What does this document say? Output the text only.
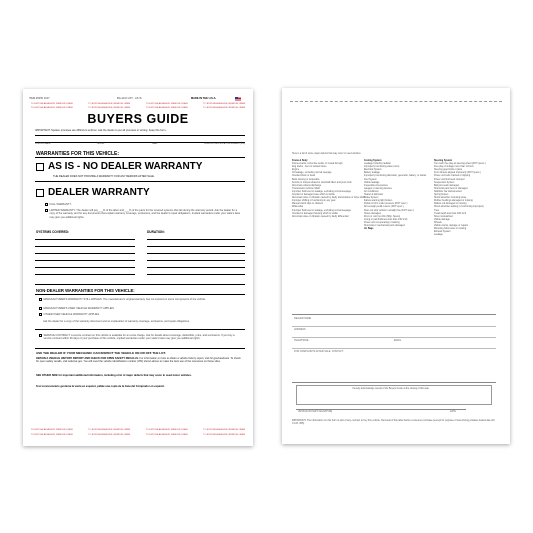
ITEM #6250 2017	BG-2017-2FT - AS IS	MADE IN THE U.S.A.
TO EXPOSE ADHESIVE, REMOVE LINER	TO EXPOSE ADHESIVE, REMOVE LINER	TO EXPOSE ADHESIVE, REMOVE LINER	TO EXPOSE ADHESIVE, REMOVE LINER
TO EXPOSE ADHESIVE, REMOVE LINER	TO EXPOSE ADHESIVE, REMOVE LINER	TO EXPOSE ADHESIVE, REMOVE LINER	TO EXPOSE ADHESIVE, REMOVE LINER
BUYERS GUIDE
IMPORTANT: Spoken promises are difficult to enforce. Ask the dealer to put all promises in writing. Keep this form.
VEHICLE MAKE	MODEL	YEAR	VEHICLE IDENTIFICATION NUMBER (VIN)
WARRANTIES FOR THIS VEHICLE:
AS IS - NO DEALER WARRANTY
THE DEALER DOES NOT PROVIDE A WARRANTY FOR ANY REPAIRS AFTER SALE.
DEALER WARRANTY
FULL WARRANTY.
LIMITED WARRANTY. The dealer will pay ___% of the labor and ___% of the parts for the covered systems that fail during the warranty period. Ask the dealer for a copy of the warranty, and for any documents that explain warranty coverage, exclusions, and the dealer's repair obligations. Implied warranties under your state's laws may give you additional rights.
SYSTEMS COVERED:	DURATION:
NON-DEALER WARRANTIES FOR THIS VEHICLE:
MANUFACTURER'S WARRANTY STILL APPLIES. The manufacturer's original warranty has not expired on some components of the vehicle.
MANUFACTURER'S USED VEHICLE WARRANTY APPLIES.
OTHER USED VEHICLE WARRANTY APPLIES.
Ask the dealer for a copy of the warranty document and an explanation of warranty coverage, exclusions, and repair obligations.
SERVICE CONTRACT. A service contract on this vehicle is available for an extra charge. Ask for details about coverage, deductible, price, and exclusions. If you buy a service contract within 90 days of your purchase of this vehicle, implied warranties under your state's laws may give you additional rights.
ASK THE DEALER IF YOUR MECHANIC CAN INSPECT THE VEHICLE ON OR OFF THE LOT.
OBTAIN A VEHICLE HISTORY REPORT AND CHECK FOR OPEN SAFETY RECALLS. For information on how to obtain a vehicle history report, visit ftc.gov/usedcars. To check for open safety recalls, visit safercar.gov. You will need the vehicle identification number (VIN) shown above to make the best use of the resources on those sites.
SEE OTHER SIDE for important additional information, including a list of major defects that may occur in used motor vehicles.
Si el concesionario gestiona la venta en espanol, pidale una copia de la Guia del Comprador en espanol.
TO EXPOSE ADHESIVE, REMOVE LINER	TO EXPOSE ADHESIVE, REMOVE LINER	TO EXPOSE ADHESIVE, REMOVE LINER	TO EXPOSE ADHESIVE, REMOVE LINER
TO EXPOSE ADHESIVE, REMOVE LINER	TO EXPOSE ADHESIVE, REMOVE LINER	TO EXPOSE ADHESIVE, REMOVE LINER	TO EXPOSE ADHESIVE, REMOVE LINER
Here is a list of some major defects that may occur in used vehicles.
Frame & Body
Frame-cracks, corrective welds, or rusted through
Dog tracks - bent or twisted frame
Engine
Oil leakage, excluding normal seepage
Cracked block or head
Belts missing or inoperable
Knocks or misses related to camshaft lifters and push rods
Abnormal exhaust discharge
Transmission & Drive Shaft
Improper fluid level or leakage, excluding normal seepage
Cracked or damaged case which is visible
Abnormal noise or vibration caused by faulty transmission or drive shaft
Improper shifting or functioning in any gear
Manual clutch slips or chatters
Differential
Improper fluid level or leakage, excluding normal seepage
Cracked or damaged housing which is visible
Abnormal noise or vibration caused by faulty differential
Cooling System
Leakage including radiator
Improperly functioning water pump
Electrical System
Battery leakage
Improperly functioning alternator, generator, battery, or starter
Fuel System
Visible leakage
Inoperable Accessories
Gauges or warning devices
Air conditioner
Heater & Defroster
Brake System
Failure warning light broken
Pedal not firm under pressure (DOT spec.)
Not enough pedal reserve (DOT spec.)
Does not stop vehicle in straight line (DOT spec.)
Hoses damaged
Drum or rotor too thin (Mfgr. Specs)
Lining or pad thickness less than 1/32 inch
Power unit not operating or leaking
Structural or mechanical parts damaged
Air Bags
Steering System
Too much free play at steering wheel (DOT specs.)
Free play in linkage more than 1/4 inch
Steering gear binds or jams
Front wheels aligned improperly (DOT specs.)
Power unit belts cracked or slipping
Power unit fluid level improper
Suspension System
Ball joint seals damaged
Structural parts bent or damaged
Stabilizer bar disconnected
Spring broken
Shock absorber mounting loose
Rubber bushings damaged or missing
Radius rod damaged or missing
Shock absorber leaking or functioning improperly
Tires
Tread depth less than 2/32 inch
Sizes mismatched
Visible damage
Wheels
Visible cracks, damage or repairs
Mounting bolts loose or missing
Exhaust System
Leakage
DEALER NAME
ADDRESS
TELEPHONE	EMAIL
FOR COMPLAINTS AFTER SALE, CONTACT:
I hereby acknowledge receipt of the Buyers Guide at the closing of this sale.
VEHICLE BUYER'S SIGNATURE	DATE
IMPORTANT: The information on this form is part of any contract to buy this vehicle. Removal of this label before consumer purchase (except for purpose of test-driving) violates federal law (16 C.F.R. 455).
